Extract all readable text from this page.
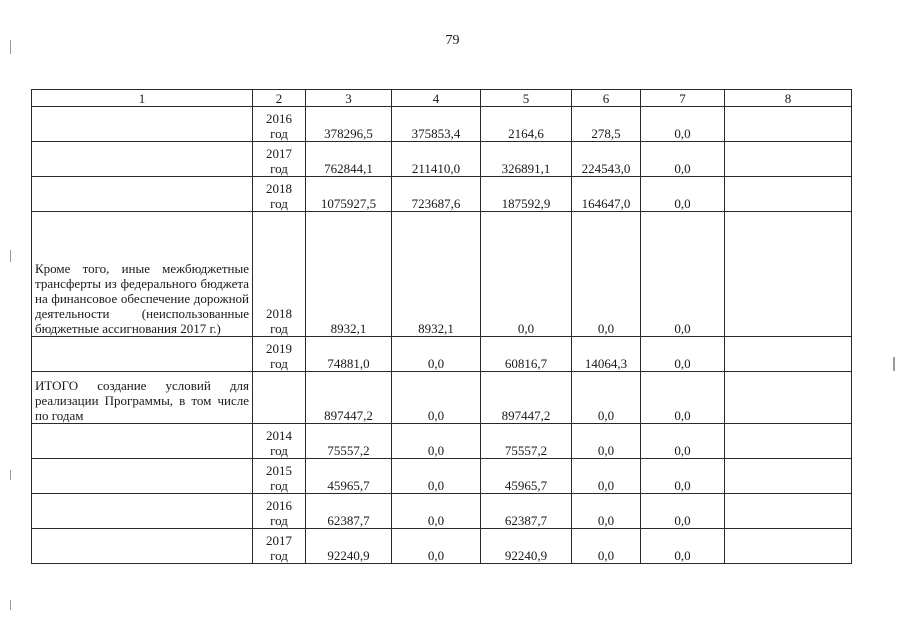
79
1	2	3	4	5	6	7	8
	2016 год	378296,5	375853,4	2164,6	278,5	0,0	
	2017 год	762844,1	211410,0	326891,1	224543,0	0,0	
	2018 год	1075927,5	723687,6	187592,9	164647,0	0,0	
Кроме того, иные межбюджетные трансферты из федерального бюджета на финансовое обеспечение дорожной деятельности (неиспользованные бюджетные ассигнования 2017 г.)	2018 год	8932,1	8932,1	0,0	0,0	0,0	
	2019 год	74881,0	0,0	60816,7	14064,3	0,0	
ИТОГО создание условий для реализации Программы, в том числе по годам		897447,2	0,0	897447,2	0,0	0,0	
	2014 год	75557,2	0,0	75557,2	0,0	0,0	
	2015 год	45965,7	0,0	45965,7	0,0	0,0	
	2016 год	62387,7	0,0	62387,7	0,0	0,0	
	2017 год	92240,9	0,0	92240,9	0,0	0,0	
